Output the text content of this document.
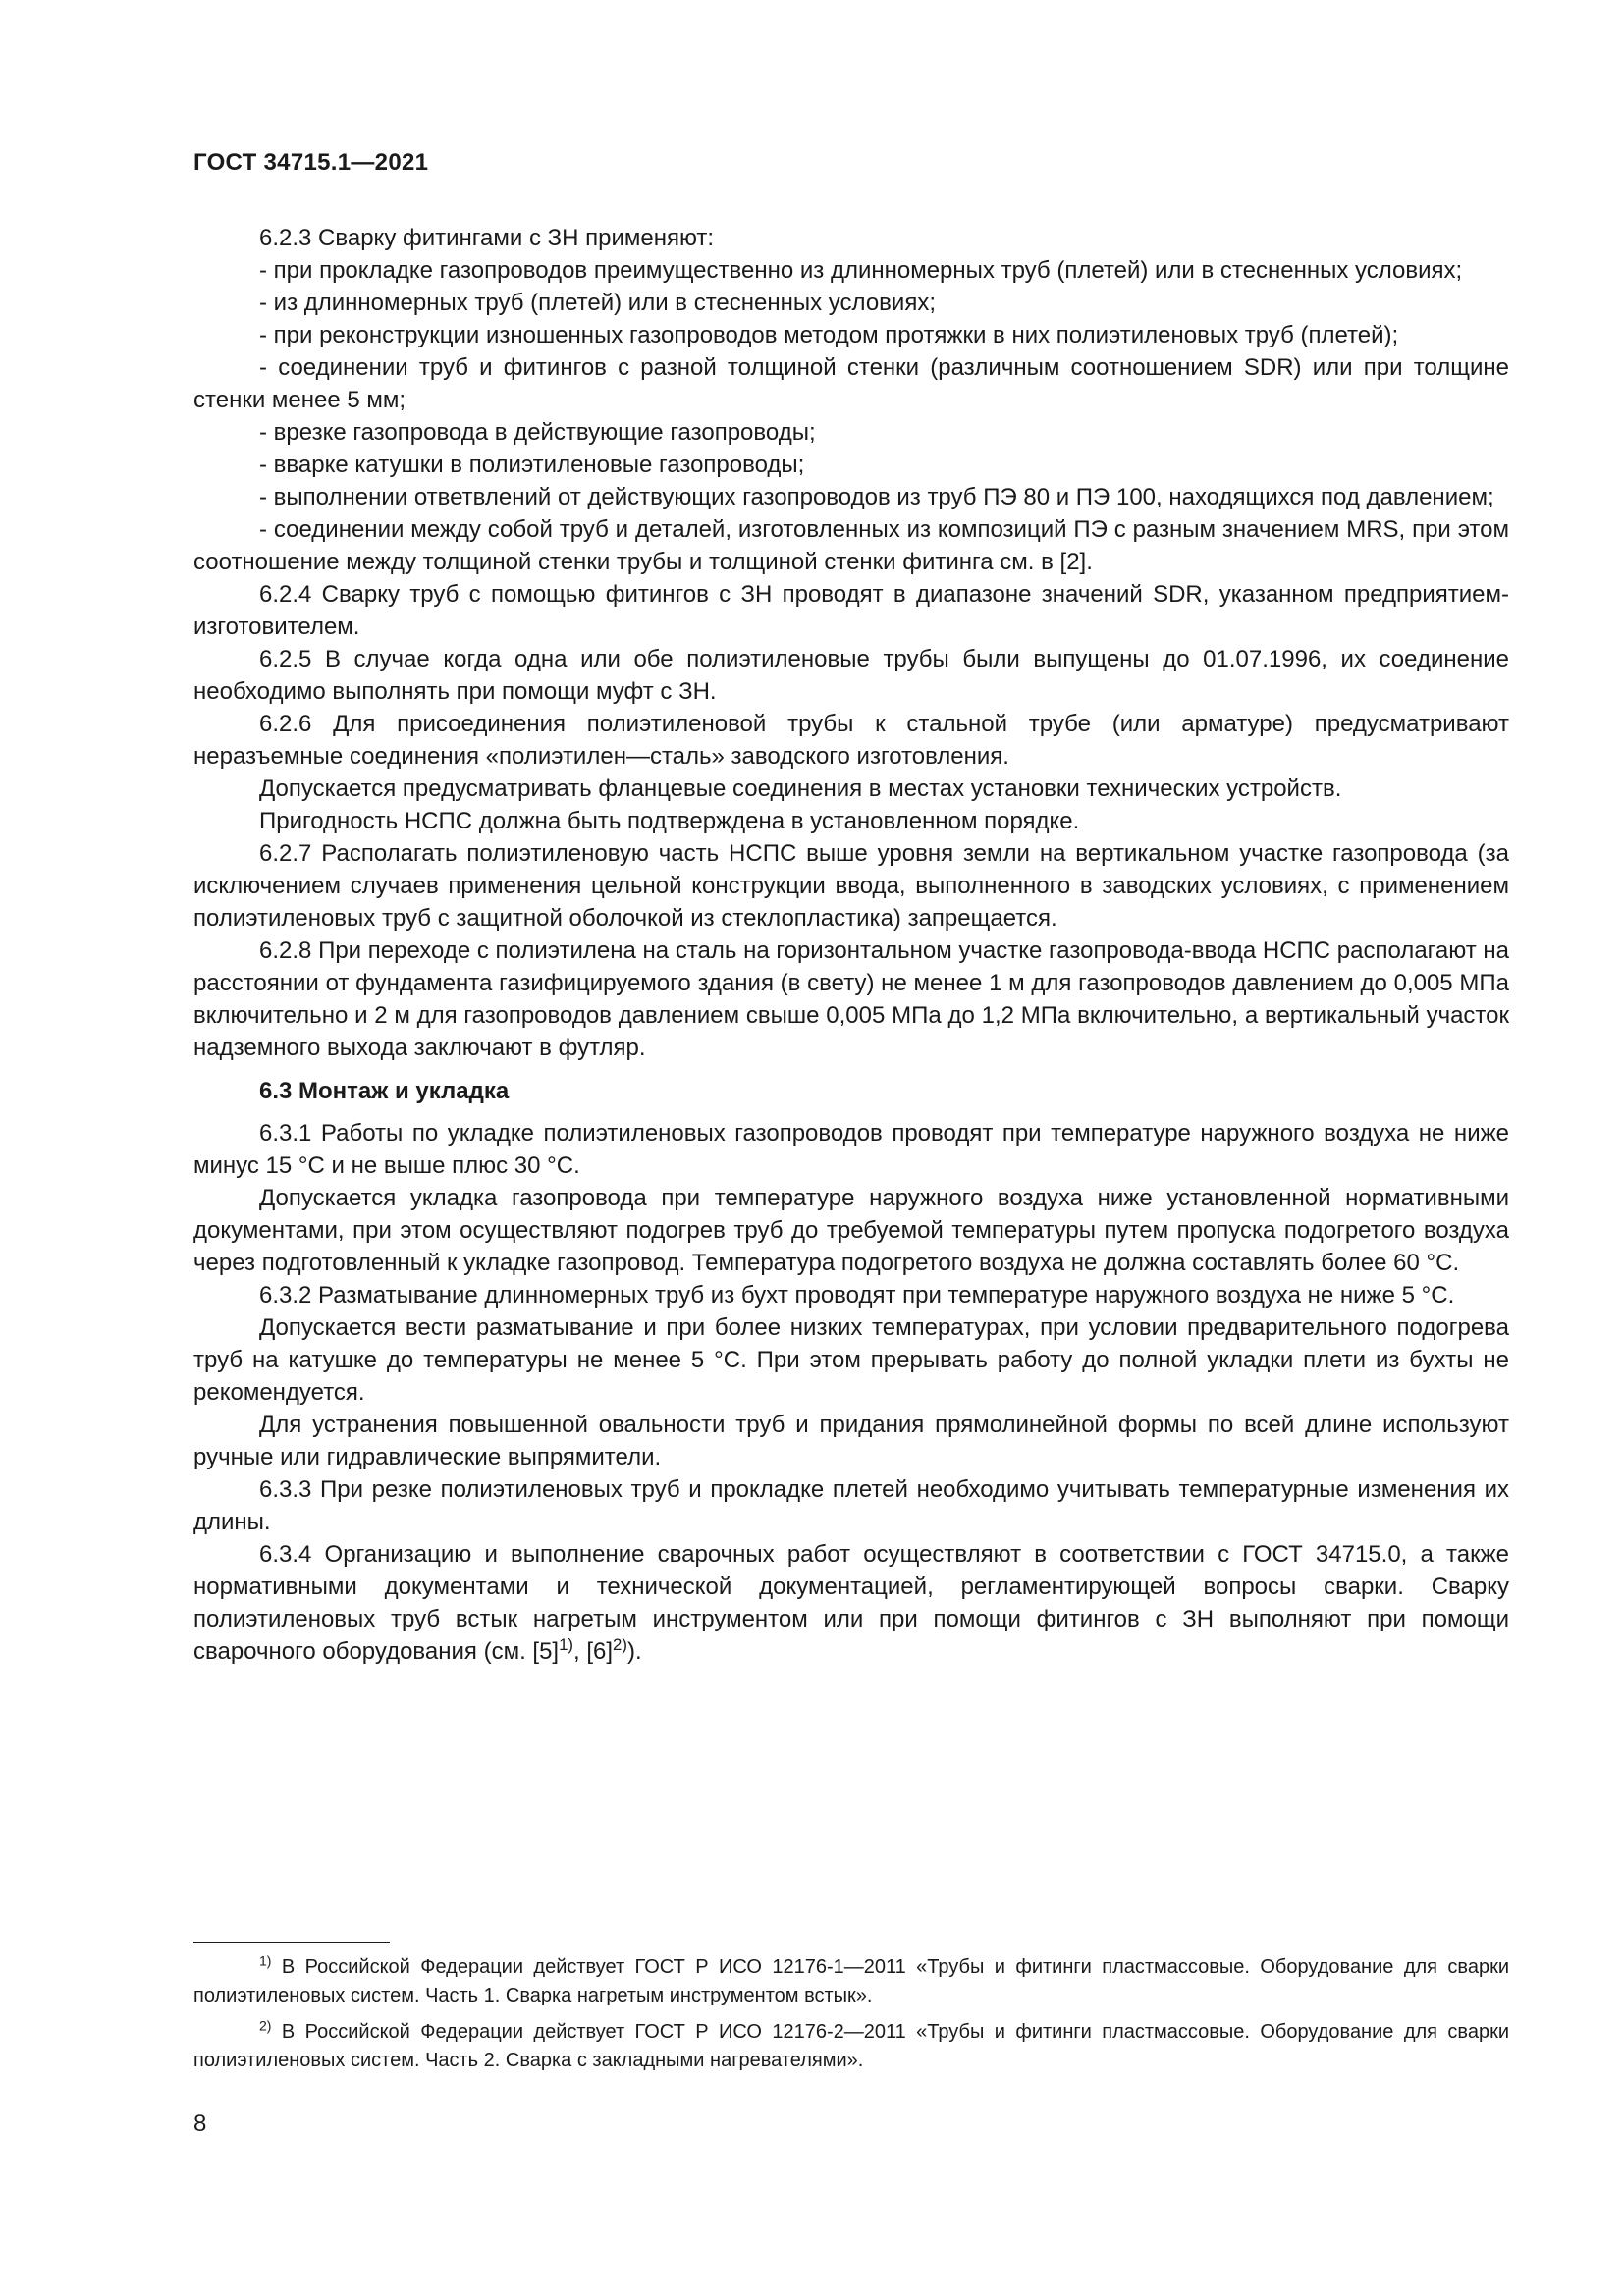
ГОСТ 34715.1—2021

6.2.3 Сварку фитингами с ЗН применяют:

- при прокладке газопроводов преимущественно из длинномерных труб (плетей) или в стесненных условиях;

- из длинномерных труб (плетей) или в стесненных условиях;

- при реконструкции изношенных газопроводов методом протяжки в них полиэтиленовых труб (плетей);

- соединении труб и фитингов с разной толщиной стенки (различным соотношением SDR) или при толщине стенки менее 5 мм;

- врезке газопровода в действующие газопроводы;

- вварке катушки в полиэтиленовые газопроводы;

- выполнении ответвлений от действующих газопроводов из труб ПЭ 80 и ПЭ 100, находящихся под давлением;

- соединении между собой труб и деталей, изготовленных из композиций ПЭ с разным значением MRS, при этом соотношение между толщиной стенки трубы и толщиной стенки фитинга см. в [2].

6.2.4 Сварку труб с помощью фитингов с ЗН проводят в диапазоне значений SDR, указанном предприятием-изготовителем.

6.2.5 В случае когда одна или обе полиэтиленовые трубы были выпущены до 01.07.1996, их соединение необходимо выполнять при помощи муфт с ЗН.

6.2.6 Для присоединения полиэтиленовой трубы к стальной трубе (или арматуре) предусматривают неразъемные соединения «полиэтилен—сталь» заводского изготовления.

Допускается предусматривать фланцевые соединения в местах установки технических устройств.

Пригодность НСПС должна быть подтверждена в установленном порядке.

6.2.7 Располагать полиэтиленовую часть НСПС выше уровня земли на вертикальном участке газопровода (за исключением случаев применения цельной конструкции ввода, выполненного в заводских условиях, с применением полиэтиленовых труб с защитной оболочкой из стеклопластика) запрещается.

6.2.8 При переходе с полиэтилена на сталь на горизонтальном участке газопровода-ввода НСПС располагают на расстоянии от фундамента газифицируемого здания (в свету) не менее 1 м для газопроводов давлением до 0,005 МПа включительно и 2 м для газопроводов давлением свыше 0,005 МПа до 1,2 МПа включительно, а вертикальный участок надземного выхода заключают в футляр.

6.3 Монтаж и укладка

6.3.1 Работы по укладке полиэтиленовых газопроводов проводят при температуре наружного воздуха не ниже минус 15 °С и не выше плюс 30 °С.

Допускается укладка газопровода при температуре наружного воздуха ниже установленной нормативными документами, при этом осуществляют подогрев труб до требуемой температуры путем пропуска подогретого воздуха через подготовленный к укладке газопровод. Температура подогретого воздуха не должна составлять более 60 °С.

6.3.2 Разматывание длинномерных труб из бухт проводят при температуре наружного воздуха не ниже 5 °С.

Допускается вести разматывание и при более низких температурах, при условии предварительного подогрева труб на катушке до температуры не менее 5 °С. При этом прерывать работу до полной укладки плети из бухты не рекомендуется.

Для устранения повышенной овальности труб и придания прямолинейной формы по всей длине используют ручные или гидравлические выпрямители.

6.3.3 При резке полиэтиленовых труб и прокладке плетей необходимо учитывать температурные изменения их длины.

6.3.4 Организацию и выполнение сварочных работ осуществляют в соответствии с ГОСТ 34715.0, а также нормативными документами и технической документацией, регламентирующей вопросы сварки. Сварку полиэтиленовых труб встык нагретым инструментом или при помощи фитингов с ЗН выполняют при помощи сварочного оборудования (см. $[5]^{1)}$, $[6]^{2)}$).

$^{1)}$ В Российской Федерации действует ГОСТ Р ИСО 12176-1—2011 «Трубы и фитинги пластмассовые. Оборудование для сварки полиэтиленовых систем. Часть 1. Сварка нагретым инструментом встык».

$^{2)}$ В Российской Федерации действует ГОСТ Р ИСО 12176-2—2011 «Трубы и фитинги пластмассовые. Оборудование для сварки полиэтиленовых систем. Часть 2. Сварка с закладными нагревателями».

8
